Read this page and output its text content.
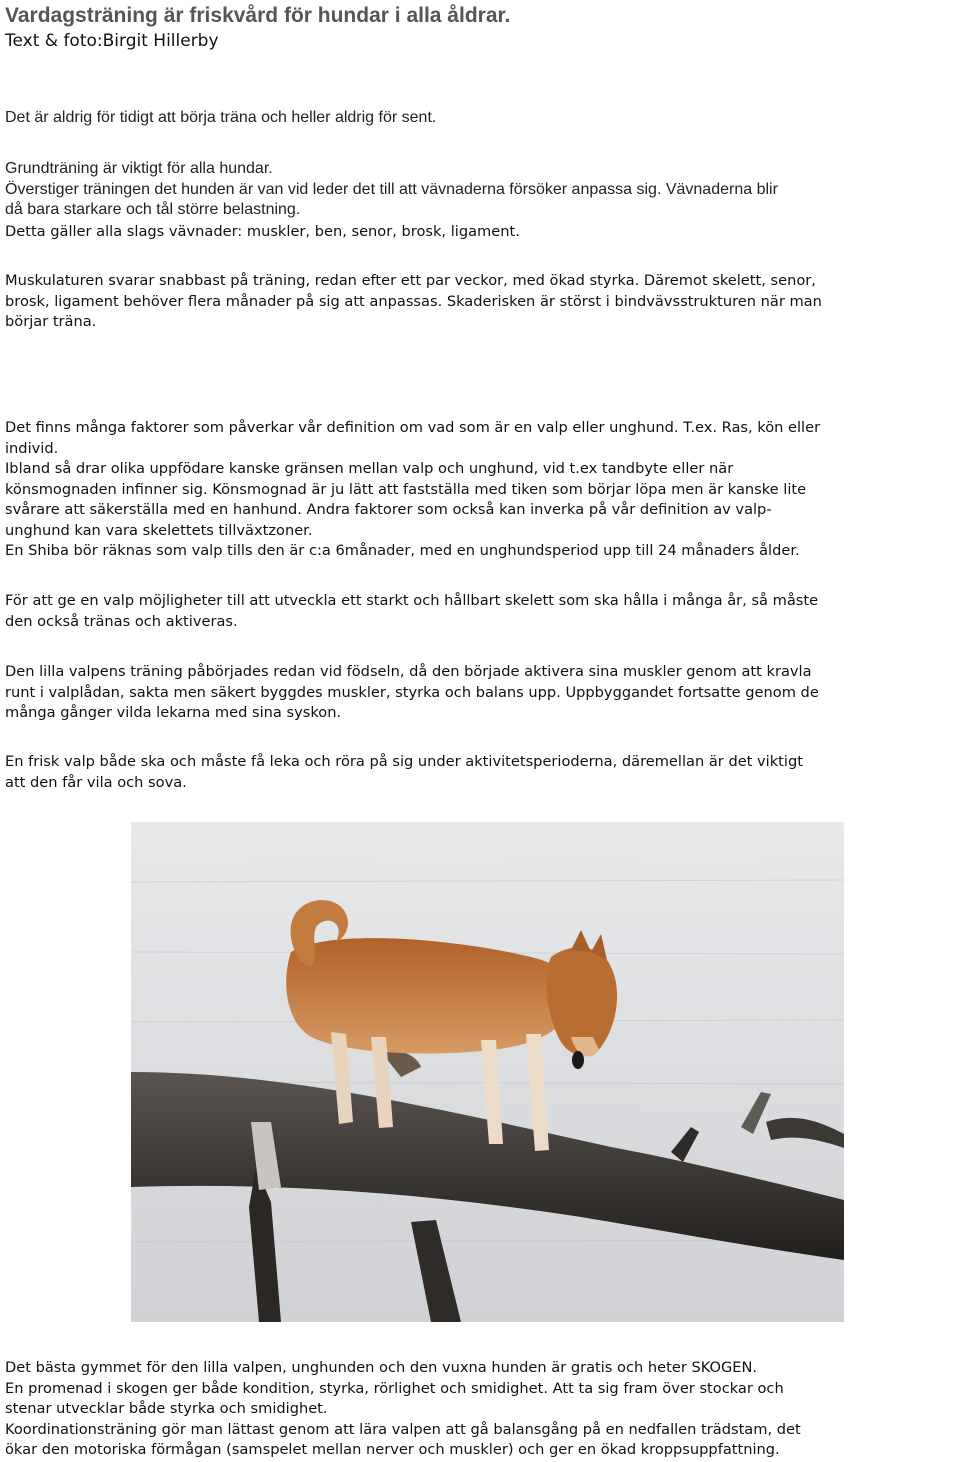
Vardagsträning är friskvård för hundar i alla åldrar.
Text & foto:Birgit Hillerby

Det är aldrig för tidigt att börja träna och heller aldrig för sent.

Grundträning är viktigt för alla hundar.
Överstiger träningen det hunden är van vid leder det till att vävnaderna försöker anpassa sig. Vävnaderna blir
då bara starkare och tål större belastning.

Detta gäller alla slags vävnader: muskler, ben, senor, brosk, ligament.

Muskulaturen svarar snabbast på träning, redan efter ett par veckor, med ökad styrka. Däremot skelett, senor,
brosk, ligament behöver flera månader på sig att anpassas. Skaderisken är störst i bindvävsstrukturen när man
börjar träna.

Det finns många faktorer som påverkar vår definition om vad som är en valp eller unghund. T.ex. Ras, kön eller
individ.
Ibland så drar olika uppfödare kanske gränsen mellan valp och unghund, vid t.ex tandbyte eller när
könsmognaden infinner sig. Könsmognad är ju lätt att fastställa med tiken som börjar löpa men är kanske lite
svårare att säkerställa med en hanhund. Andra faktorer som också kan inverka på vår definition av valp-
unghund kan vara skelettets tillväxtzoner.
En Shiba bör räknas som valp tills den är c:a 6månader, med en unghundsperiod upp till 24 månaders ålder.

För att ge en valp möjligheter till att utveckla ett starkt och hållbart skelett som ska hålla i många år, så måste
den också tränas och aktiveras.

Den lilla valpens träning påbörjades redan vid födseln, då den började aktivera sina muskler genom att kravla
runt i valplådan, sakta men säkert byggdes muskler, styrka och balans upp. Uppbyggandet fortsatte genom de
många gånger vilda lekarna med sina syskon.

En frisk valp både ska och måste få leka och röra på sig under aktivitetsperioderna, däremellan är det viktigt
att den får vila och sova.

Det bästa gymmet för den lilla valpen, unghunden och den vuxna hunden är gratis och heter SKOGEN.
En promenad i skogen ger både kondition, styrka, rörlighet och smidighet. Att ta sig fram över stockar och
stenar utvecklar både styrka och smidighet.
Koordinationsträning gör man lättast genom att lära valpen att gå balansgång på en nedfallen trädstam, det
ökar den motoriska förmågan (samspelet mellan nerver och muskler) och ger en ökad kroppsuppfattning.
